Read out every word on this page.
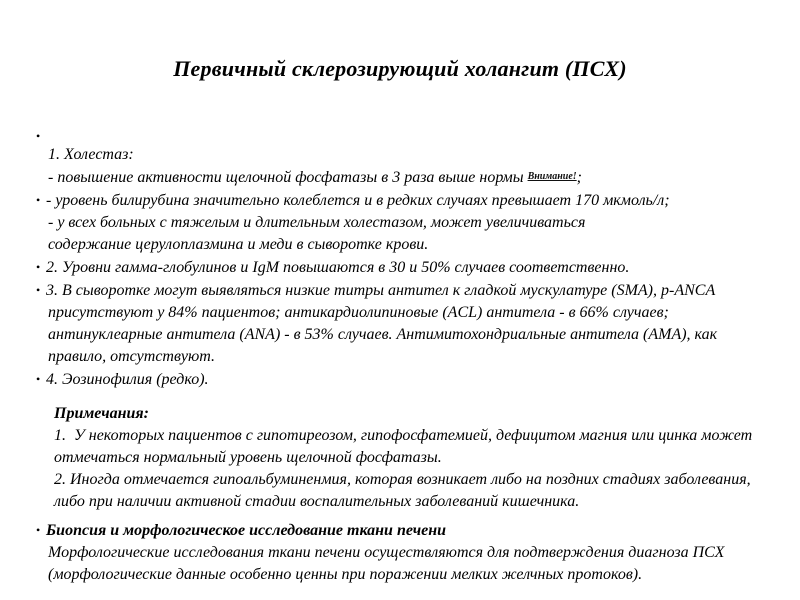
Первичный склерозирующий холангит (ПСХ)
•
1. Холестаз:
- повышение активности щелочной фосфатазы в 3 раза выше нормы Внимание!;
• - уровень билирубина значительно колеблется и в редких случаях превышает 170 мкмоль/л;
- у всех больных с тяжелым и длительным холестазом, может увеличиваться
содержание церулоплазмина и меди в сыворотке крови.
• 2. Уровни гамма-глобулинов и IgM повышаются в 30 и 50% случаев соответственно.
• 3. В сыворотке могут выявляться низкие титры антител к гладкой мускулатуре (SMA), p-ANCA
присутствуют у 84% пациентов; антикардиолипиновые (ACL) антитела - в 66% случаев;
антинуклеарные антитела (ANA) - в 53% случаев. Антимитохондриальные антитела (АМА), как
правило, отсутствуют.
• 4. Эозинофилия (редко).
Примечания:
1.  У некоторых пациентов с гипотиреозом, гипофосфатемией, дефицитом магния или цинка может
отмечаться нормальный уровень щелочной фосфатазы.
2. Иногда отмечается гипоальбуминенмия, которая возникает либо на поздних стадиях заболевания,
либо при наличии активной стадии воспалительных заболеваний кишечника.
• Биопсия и морфологическое исследование ткани печени
Морфологические исследования ткани печени осуществляются для подтверждения диагноза ПСХ
(морфологические данные особенно ценны при поражении мелких желчных протоков).
